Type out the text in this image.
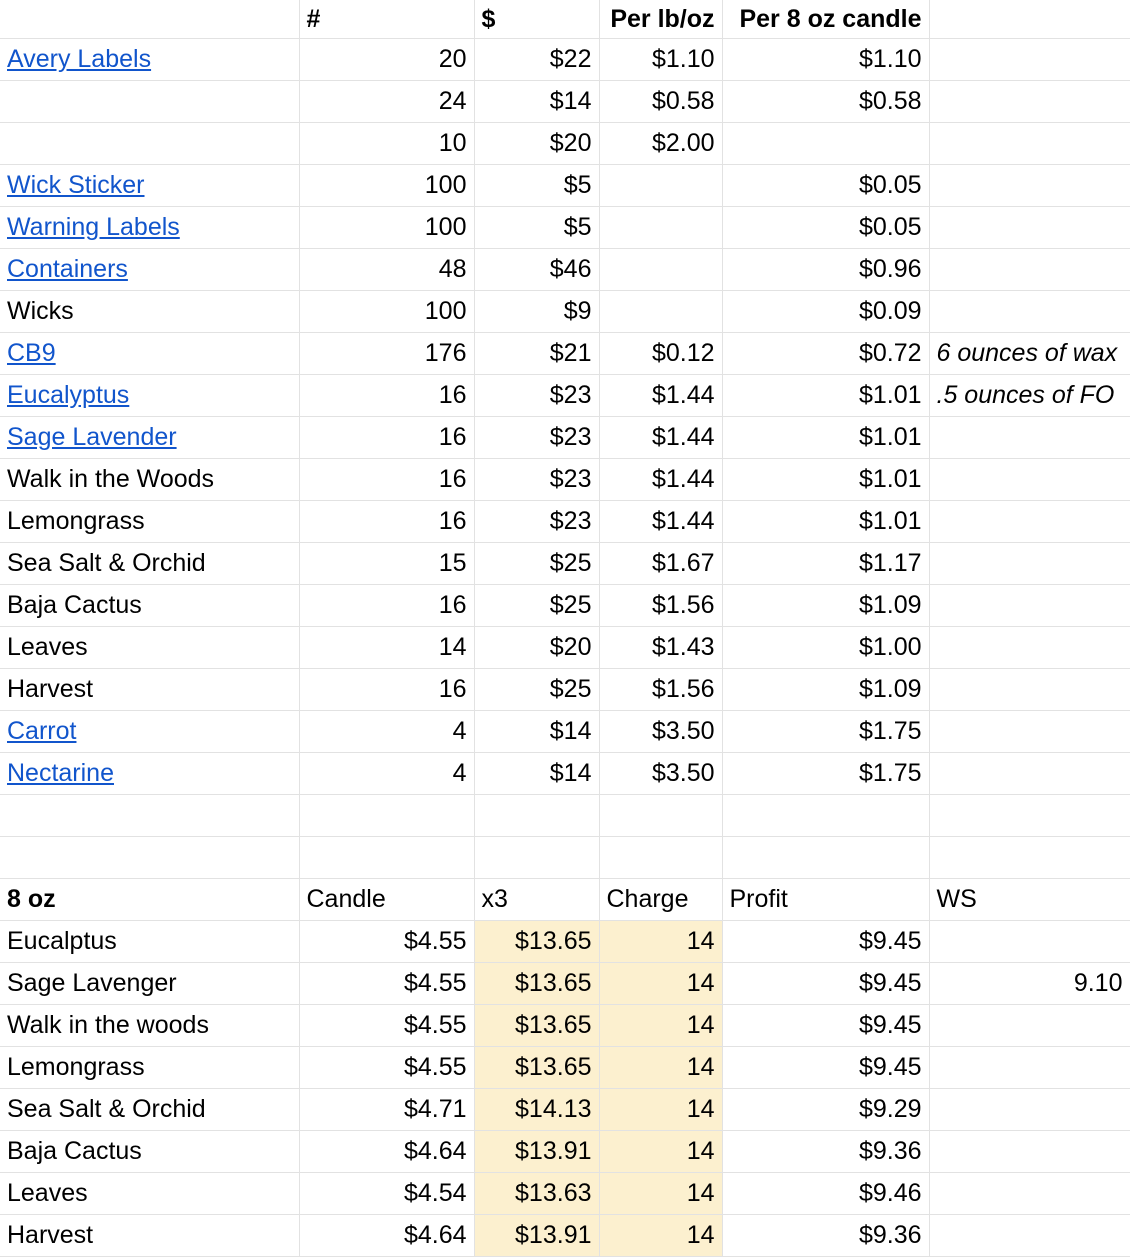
	#	$	Per lb/oz	Per 8 oz candle	
Avery Labels	20	$22	$1.10	$1.10	
	24	$14	$0.58	$0.58	
	10	$20	$2.00		
Wick Sticker	100	$5		$0.05	
Warning Labels	100	$5		$0.05	
Containers	48	$46		$0.96	
Wicks	100	$9		$0.09	
CB9	176	$21	$0.12	$0.72	6 ounces of wax
Eucalyptus	16	$23	$1.44	$1.01	.5 ounces of FO
Sage Lavender	16	$23	$1.44	$1.01	
Walk in the Woods	16	$23	$1.44	$1.01	
Lemongrass	16	$23	$1.44	$1.01	
Sea Salt & Orchid	15	$25	$1.67	$1.17	
Baja Cactus	16	$25	$1.56	$1.09	
Leaves	14	$20	$1.43	$1.00	
Harvest	16	$25	$1.56	$1.09	
Carrot	4	$14	$3.50	$1.75	
Nectarine	4	$14	$3.50	$1.75	

8 oz	Candle	x3	Charge	Profit	WS
Eucalptus	$4.55	$13.65	14	$9.45	
Sage Lavenger	$4.55	$13.65	14	$9.45	9.10
Walk in the woods	$4.55	$13.65	14	$9.45	
Lemongrass	$4.55	$13.65	14	$9.45	
Sea Salt & Orchid	$4.71	$14.13	14	$9.29	
Baja Cactus	$4.64	$13.91	14	$9.36	
Leaves	$4.54	$13.63	14	$9.46	
Harvest	$4.64	$13.91	14	$9.36	
